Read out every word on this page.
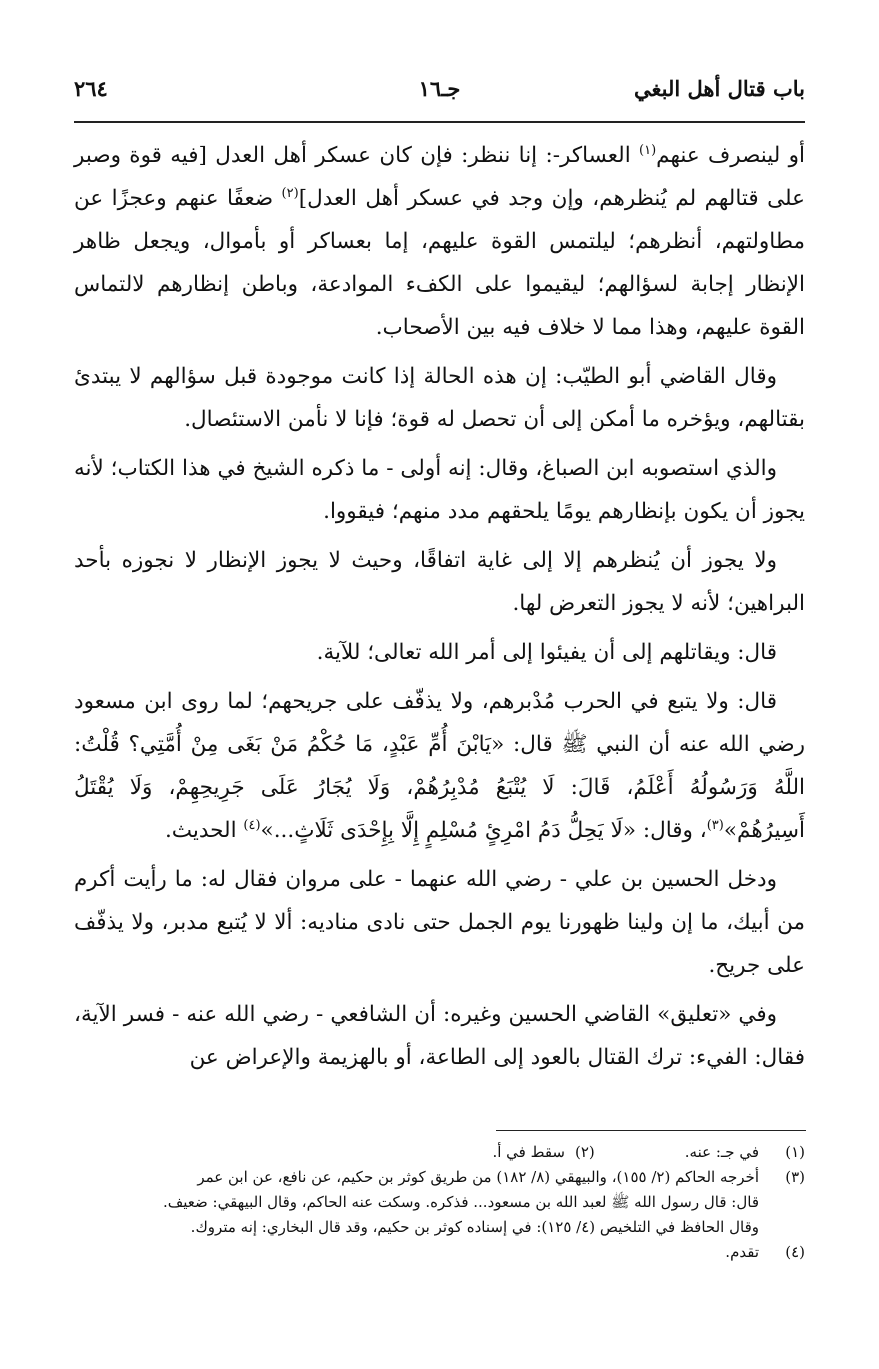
باب قتال أهل البغي
جـ١٦
٢٦٤

أو لينصرف عنهم$^{(١)}$ العساكر-: إنا ننظر: فإن كان عسكر أهل العدل [فيه قوة وصبر على قتالهم لم يُنظرهم، وإن وجد في عسكر أهل العدل]$^{(٢)}$ ضعفًا عنهم وعجزًا عن مطاولتهم، أنظرهم؛ ليلتمس القوة عليهم، إما بعساكر أو بأموال، ويجعل ظاهر الإنظار إجابة لسؤالهم؛ ليقيموا على الكفء الموادعة، وباطن إنظارهم لالتماس القوة عليهم، وهذا مما لا خلاف فيه بين الأصحاب.

وقال القاضي أبو الطيّب: إن هذه الحالة إذا كانت موجودة قبل سؤالهم لا يبتدئ بقتالهم، ويؤخره ما أمكن إلى أن تحصل له قوة؛ فإنا لا نأمن الاستئصال.

والذي استصوبه ابن الصباغ، وقال: إنه أولى - ما ذكره الشيخ في هذا الكتاب؛ لأنه يجوز أن يكون بإنظارهم يومًا يلحقهم مدد منهم؛ فيقووا.

ولا يجوز أن يُنظرهم إلا إلى غاية اتفاقًا، وحيث لا يجوز الإنظار لا نجوزه بأحد البراهين؛ لأنه لا يجوز التعرض لها.

قال: ويقاتلهم إلى أن يفيئوا إلى أمر الله تعالى؛ للآية.

قال: ولا يتبع في الحرب مُدْبرهم، ولا يذفّف على جريحهم؛ لما روى ابن مسعود رضي الله عنه أن النبي ﷺ قال: «يَابْنَ أُمِّ عَبْدٍ، مَا حُكْمُ مَنْ بَغَى مِنْ أُمَّتِي؟ قُلْتُ: اللَّهُ وَرَسُولُهُ أَعْلَمُ، قَالَ: لَا يُتْبَعُ مُدْبِرُهُمْ، وَلَا يُجَارُ عَلَى جَرِيحِهِمْ، وَلَا يُقْتَلُ أَسِيرُهُمْ»$^{(٣)}$، وقال: «لَا يَحِلُّ دَمُ امْرِئٍ مُسْلِمٍ إِلَّا بِإِحْدَى ثَلَاثٍ...»$^{(٤)}$ الحديث.

ودخل الحسين بن علي - رضي الله عنهما - على مروان فقال له: ما رأيت أكرم من أبيك، ما إن ولينا ظهورنا يوم الجمل حتى نادى مناديه: ألا لا يُتبع مدبر، ولا يذفّف على جريح.

وفي «تعليق» القاضي الحسين وغيره: أن الشافعي - رضي الله عنه - فسر الآية، فقال: الفيء: ترك القتال بالعود إلى الطاعة، أو بالهزيمة والإعراض عن

(١)
في جـ: عنه.
(٢)
سقط في أ.
(٣)
أخرجه الحاكم (٢/ ١٥٥)، والبيهقي (٨/ ١٨٢) من طريق كوثر بن حكيم، عن نافع، عن ابن عمر
قال: قال رسول الله ﷺ لعبد الله بن مسعود... فذكره. وسكت عنه الحاكم، وقال البيهقي: ضعيف.
وقال الحافظ في التلخيص (٤/ ١٢٥): في إسناده كوثر بن حكيم، وقد قال البخاري: إنه متروك.
(٤)
تقدم.
